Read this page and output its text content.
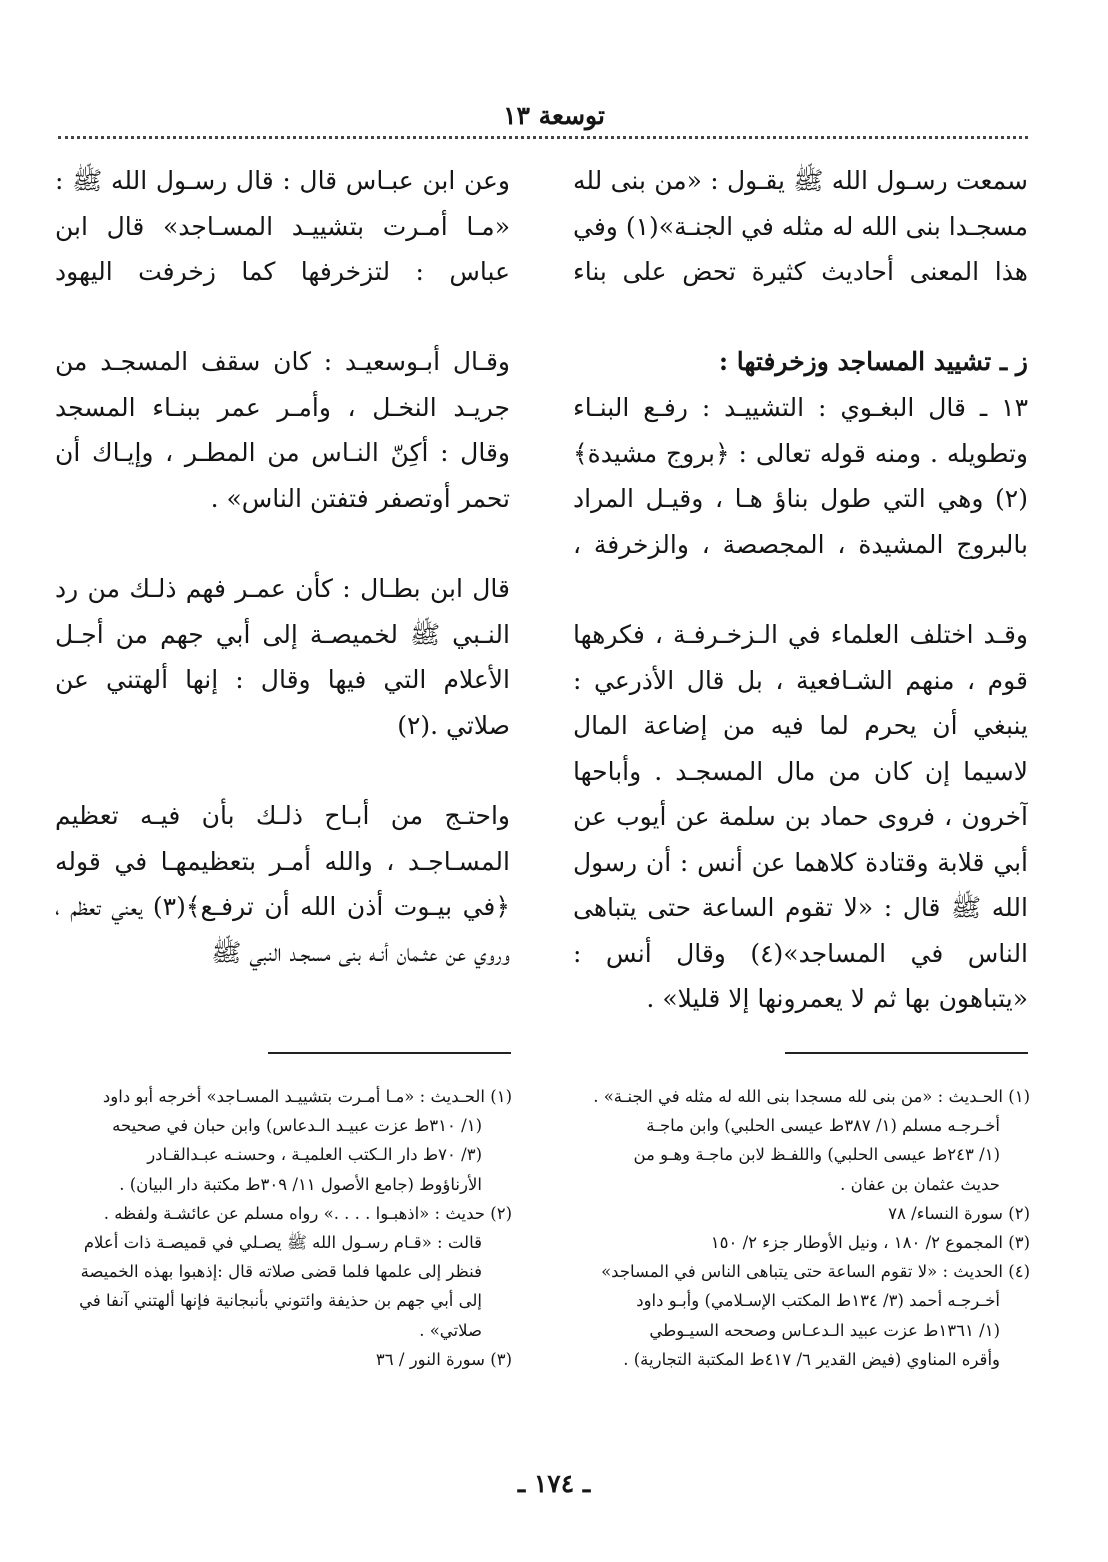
توسعة ١٣

سمعت رسـول الله ﷺ يقـول : «من بنى لله مسجـدا بنى الله له مثله في الجنـة»(١) وفي هذا المعنى أحاديث كثيرة تحض على بناء

ز ـ تشييد المساجد وزخرفتها :

١٣ ـ قال البغـوي : التشييـد : رفـع البنـاء وتطويله . ومنه قوله تعالى : ﴿بروج مشيدة﴾(٢) وهي التي طول بناؤ هـا ، وقيـل المراد بالبروج المشيدة ، المجصصة ، والزخرفة ،

وقـد اختلف العلماء في الـزخـرفـة ، فكرهها قوم ، منهم الشـافعية ، بل قال الأذرعي : ينبغي أن يحرم لما فيه من إضاعة المال لاسيما إن كان من مال المسجـد . وأباحها آخرون ، فروى حماد بن سلمة عن أيوب عن أبي قلابة وقتادة كلاهما عن أنس : أن رسول الله ﷺ قال : «لا تقوم الساعة حتى يتباهى الناس في المساجد»(٤) وقال أنس : «يتباهون بها ثم لا يعمرونها إلا قليلا» .

وعن ابن عبـاس قال : قال رسـول الله ﷺ : «مـا أمـرت بتشييـد المسـاجد» قال ابن عباس : لتزخرفها كما زخرفت اليهود

وقـال أبـوسعيـد : كان سقف المسجـد من جريـد النخـل ، وأمـر عمر ببنـاء المسجد وقال : أكِنّ النـاس من المطـر ، وإيـاك أن تحمر أوتصفر فتفتن الناس» .

قال ابن بطـال : كأن عمـر فهم ذلـك من رد النـبي ﷺ لخميصـة إلى أبي جهم من أجـل الأعلام التي فيها وقال : إنها ألهتني عن صلاتي .(٢)

واحتـج من أبـاح ذلـك بأن فيـه تعظيم المسـاجـد ، والله أمـر بتعظيمهـا في قوله

﴿في بيـوت أذن الله أن ترفـع﴾(٣) يعني تعظم ، وروي عن عثـمان أنـه بنى مسجـد النبي ﷺ

(١) الحـديث : «من بنى لله مسجدا بنى الله له مثله في الجنـة» .

أخـرجـه مسلم (١/ ٣٨٧ط عيسى الحلبي) وابن ماجـة

(١/ ٢٤٣ط عيسى الحلبي) واللفـظ لابن ماجـة وهـو من

حديث عثمان بن عفان .

(٢) سورة النساء/ ٧٨

(٣) المجموع ٢/ ١٨٠ ، ونيل الأوطار جزء ٢/ ١٥٠

(٤) الحديث : «لا تقوم الساعة حتى يتباهى الناس في المساجد»

أخـرجـه أحمد (٣/ ١٣٤ط المكتب الإسـلامي) وأبـو داود

(١/ ١٣٦١ط عزت عبيد الـدعـاس وصححه السيـوطي

وأقره المناوي (فيض القدير ٦/ ٤١٧ط المكتبة التجارية) .

(١) الحـديث : «مـا أمـرت بتشييـد المسـاجد» أخرجه أبو داود

(١/ ٣١٠ط عزت عبيـد الـدعاس) وابن حبان في صحيحه

(٣/ ٧٠ط دار الـكتب العلميـة ، وحسنـه عبـدالقـادر

الأرناؤوط (جامع الأصول ١١/ ٣٠٩ط مكتبة دار البيان) .

(٢) حديث : «اذهبـوا . . . .» رواه مسلم عن عائشـة ولفظه .

قالت : «قـام رسـول الله ﷺ يصـلي في قميصـة ذات أعلام

فنظر إلى علمها فلما قضى صلاته قال :إذهبوا بهذه الخميصة

إلى أبي جهم بن حذيفة وائتوني بأنبجانية فإنها ألهتني آنفا في

صلاتي» .

(٣) سورة النور / ٣٦

ـ ١٧٤ ـ
